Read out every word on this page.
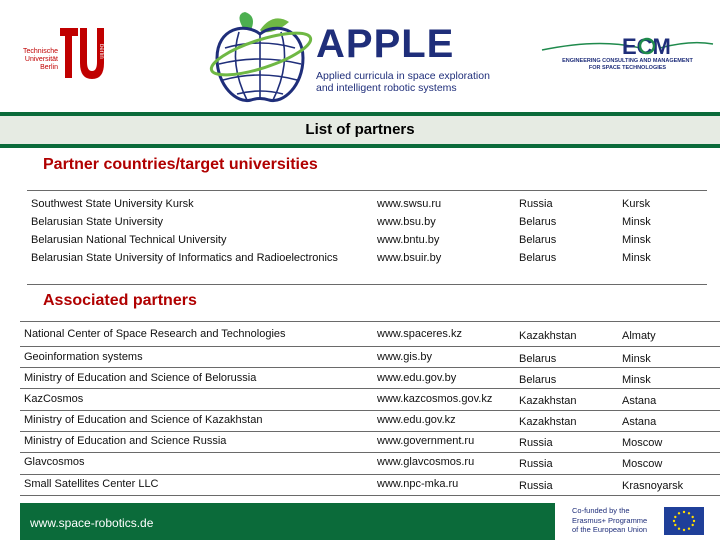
berlin
Technische
Universität
Berlin
APPLE
Applied curricula in space exploration
and intelligent robotic systems
ECM
ENGINEERING CONSULTING AND MANAGEMENT
FOR SPACE TECHNOLOGIES
List of partners
Partner countries/target universities
Southwest State University Kursk	www.swsu.ru	Russia	Kursk
Belarusian State University	www.bsu.by	Belarus	Minsk
Belarusian National Technical University	www.bntu.by	Belarus	Minsk
Belarusian State University of Informatics and Radioelectronics	www.bsuir.by	Belarus	Minsk
Associated partners
National Center of Space Research and Technologies	www.spaceres.kz	Kazakhstan	Almaty
Geoinformation systems	www.gis.by	Belarus	Minsk
Ministry of Education and Science of Belorussia	www.edu.gov.by	Belarus	Minsk
KazCosmos	www.kazcosmos.gov.kz Kazakhstan	Astana
Ministry of Education and Science of Kazakhstan	www.edu.gov.kz	Kazakhstan	Astana
Ministry of Education and Science Russia	www.government.ru	Russia	Moscow
Glavcosmos	www.glavcosmos.ru	Russia	Moscow
Small Satellites Center LLC	www.npc-mka.ru	Russia	Krasnoyarsk
www.space-robotics.de
Co-funded by the
Erasmus+ Programme
of the European Union
